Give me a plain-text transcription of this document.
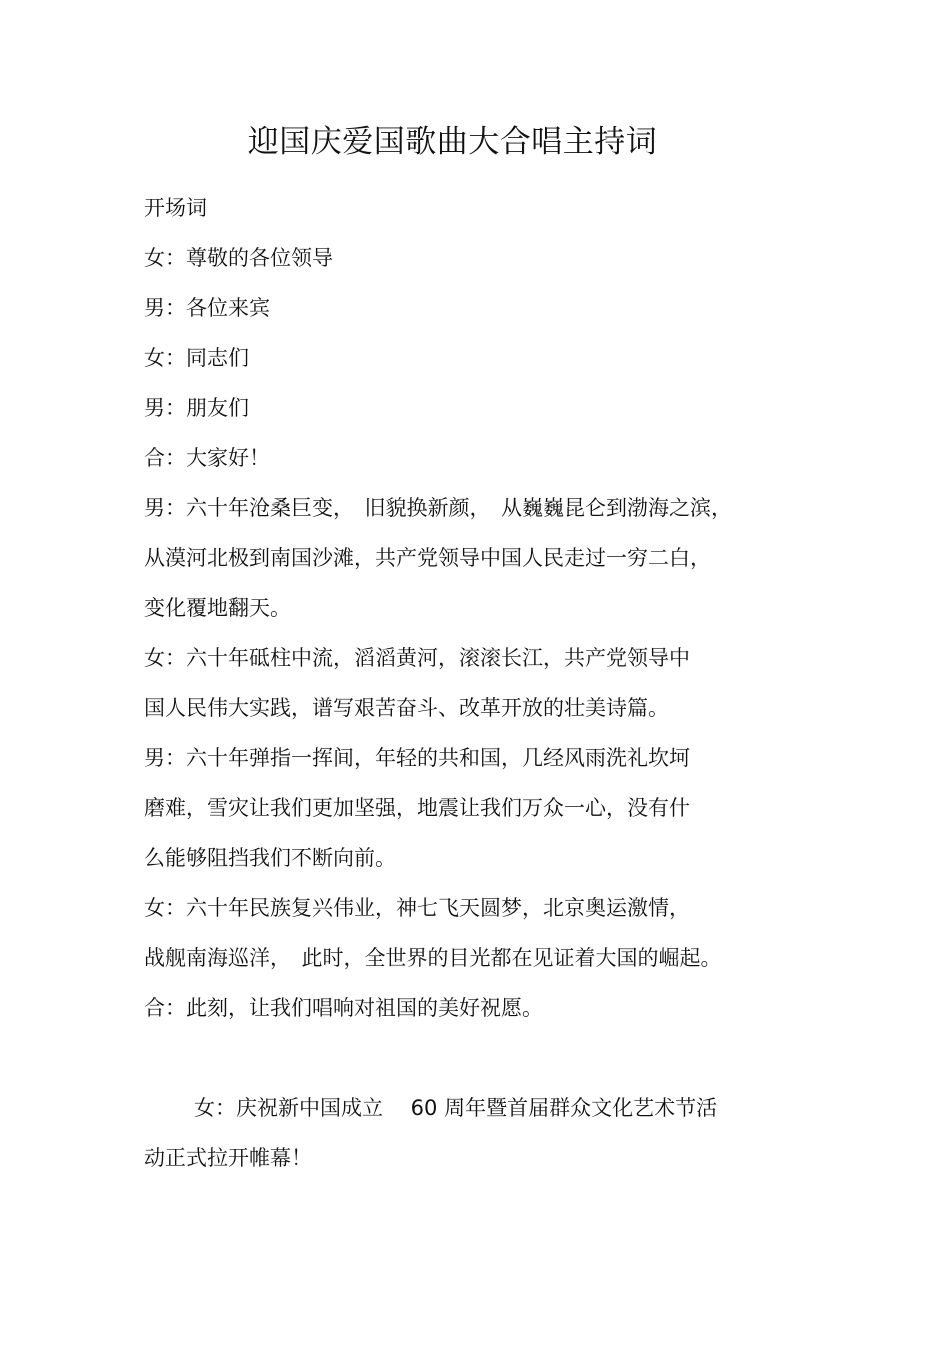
迎国庆爱国歌曲大合唱主持词
开场词
女：尊敬的各位领导
男：各位来宾
女：同志们
男：朋友们
合：大家好！
男：六十年沧桑巨变，　旧貌换新颜，　从巍巍昆仑到渤海之滨，
从漠河北极到南国沙滩，共产党领导中国人民走过一穷二白，
变化覆地翻天。
女：六十年砥柱中流，滔滔黄河，滚滚长江，共产党领导中
国人民伟大实践，谱写艰苦奋斗、改革开放的壮美诗篇。
男：六十年弹指一挥间，年轻的共和国，几经风雨洗礼坎坷
磨难，雪灾让我们更加坚强，地震让我们万众一心，没有什
么能够阻挡我们不断向前。
女：六十年民族复兴伟业，神七飞天圆梦，北京奥运激情，
战舰南海巡洋，　此时，全世界的目光都在见证着大国的崛起。
合：此刻，让我们唱响对祖国的美好祝愿。
女：庆祝新中国成立　 60 周年暨首届群众文化艺术节活
动正式拉开帷幕！
